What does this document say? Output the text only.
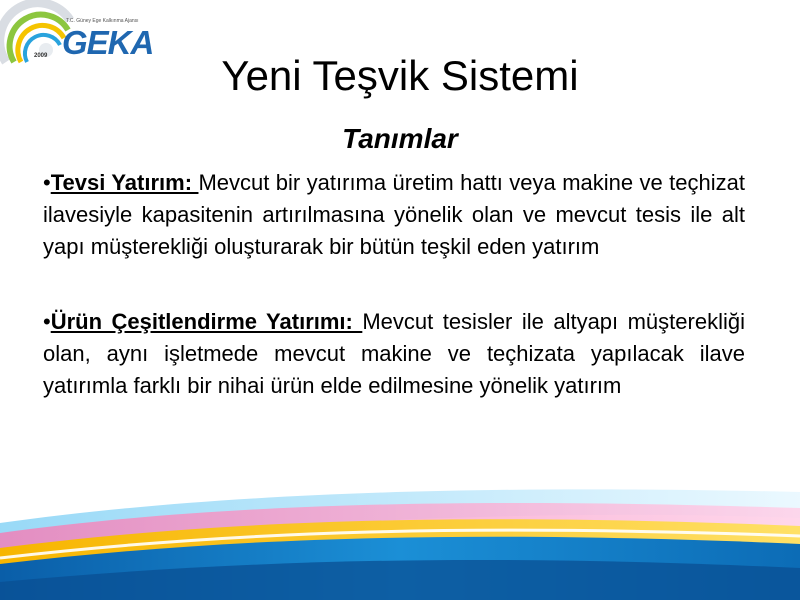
T.C. Güney Ege Kalkınma Ajansı
GEKA
2009	Yeni Teşvik Sistemi
Tanımlar

•Tevsi Yatırım: Mevcut bir yatırıma üretim hattı veya makine ve teçhizat ilavesiyle kapasitenin artırılmasına yönelik olan ve mevcut tesis ile alt yapı müşterekliği oluşturarak bir bütün teşkil eden yatırım

•Ürün Çeşitlendirme Yatırımı: Mevcut tesisler ile altyapı müşterekliği olan, aynı işletmede mevcut makine ve teçhizata yapılacak ilave yatırımla farklı bir nihai ürün elde edilmesine yönelik yatırım
